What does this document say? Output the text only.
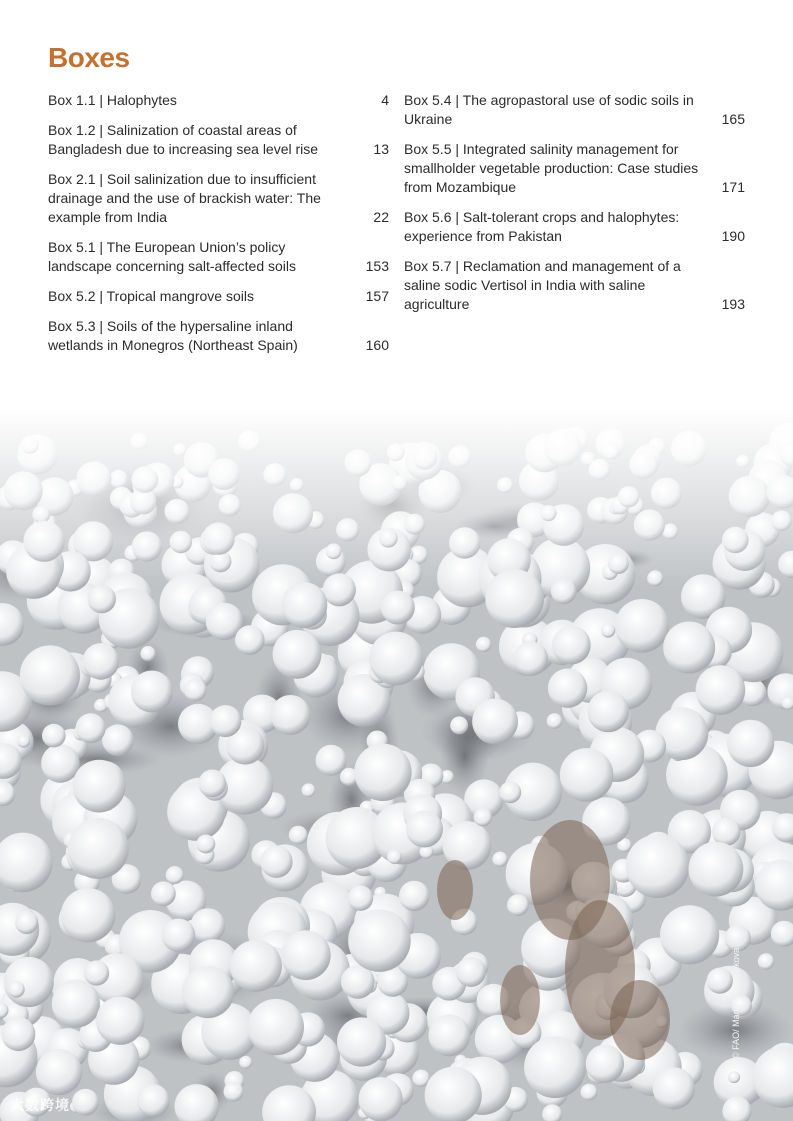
Boxes
Box 1.1 | Halophytes	4
Box 1.2 | Salinization of coastal areas of Bangladesh due to increasing sea level rise	13
Box 2.1 | Soil salinization due to insufficient drainage and the use of brackish water: The example from India	22
Box 5.1 | The European Union’s policy landscape concerning salt-affected soils	153
Box 5.2 | Tropical mangrove soils	157
Box 5.3 | Soils of the hypersaline inland wetlands in Monegros (Northeast Spain)	160
Box 5.4 | The agropastoral use of sodic soils in Ukraine	165
Box 5.5 | Integrated salinity management for smallholder vegetable production: Case studies from Mozambique	171
Box 5.6 | Salt-tolerant crops and halophytes: experience from Pakistan	190
Box 5.7 | Reclamation and management of a saline sodic Vertisol in India with saline agriculture	193
© FAO/ Maria Konyushkova
大数跨境
